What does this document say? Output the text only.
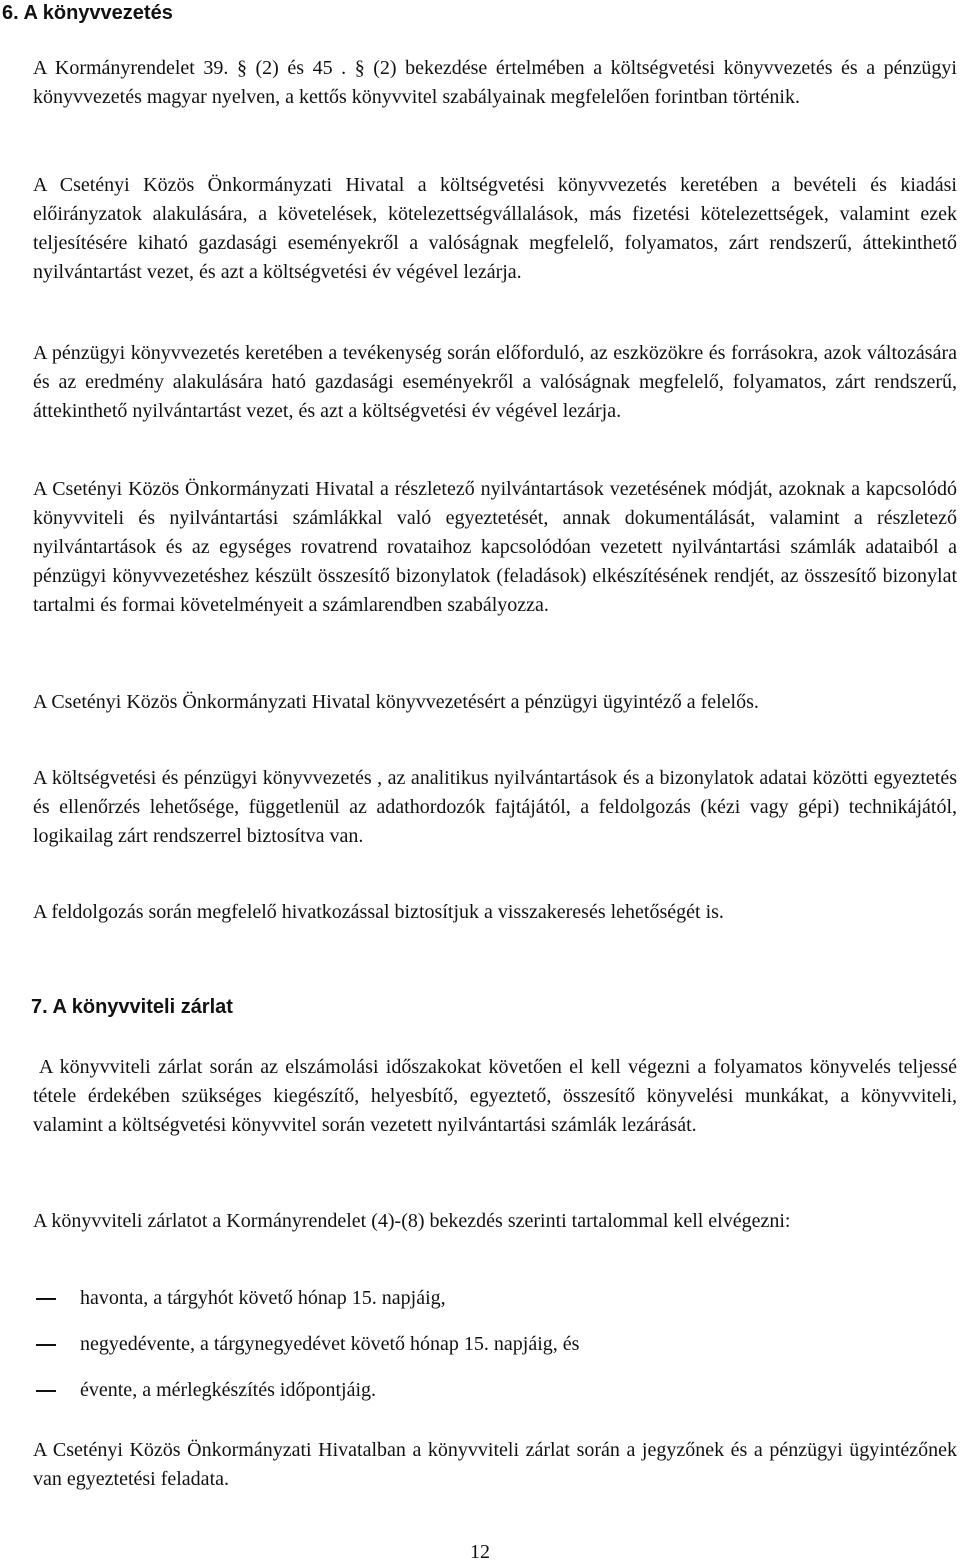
6. A könyvvezetés

A Kormányrendelet 39. § (2) és 45 . § (2) bekezdése értelmében a költségvetési könyvvezetés és a pénzügyi könyvvezetés magyar nyelven, a kettős könyvvitel szabályainak megfelelően forintban történik.

A Csetényi Közös Önkormányzati Hivatal a költségvetési könyvvezetés keretében a bevételi és kiadási előirányzatok alakulására, a követelések, kötelezettségvállalások, más fizetési kötelezettségek, valamint ezek teljesítésére kiható gazdasági eseményekről a valóságnak megfelelő, folyamatos, zárt rendszerű, áttekinthető nyilvántartást vezet, és azt a költségvetési év végével lezárja.

A pénzügyi könyvvezetés keretében a tevékenység során előforduló, az eszközökre és forrásokra, azok változására és az eredmény alakulására ható gazdasági eseményekről a valóságnak megfelelő, folyamatos, zárt rendszerű, áttekinthető nyilvántartást vezet, és azt a költségvetési év végével lezárja.

A Csetényi Közös Önkormányzati Hivatal a részletező nyilvántartások vezetésének módját, azoknak a kapcsolódó könyvviteli és nyilvántartási számlákkal való egyeztetését, annak dokumentálását, valamint a részletező nyilvántartások és az egységes rovatrend rovataihoz kapcsolódóan vezetett nyilvántartási számlák adataiból a pénzügyi könyvvezetéshez készült összesítő bizonylatok (feladások) elkészítésének rendjét, az összesítő bizonylat tartalmi és formai követelményeit a számlarendben szabályozza.

A Csetényi Közös Önkormányzati Hivatal könyvvezetésért a pénzügyi ügyintéző a felelős.

A költségvetési és pénzügyi könyvvezetés , az analitikus nyilvántartások és a bizonylatok adatai közötti egyeztetés és ellenőrzés lehetősége, függetlenül az adathordozók fajtájától, a feldolgozás (kézi vagy gépi) technikájától, logikailag zárt rendszerrel biztosítva van.

A feldolgozás során megfelelő hivatkozással biztosítjuk a visszakeresés lehetőségét is.

7. A könyvviteli zárlat

A könyvviteli zárlat során az elszámolási időszakokat követően el kell végezni a folyamatos könyvelés teljessé tétele érdekében szükséges kiegészítő, helyesbítő, egyeztető, összesítő könyvelési munkákat, a könyvviteli, valamint a költségvetési könyvvitel során vezetett nyilvántartási számlák lezárását.

A könyvviteli zárlatot a Kormányrendelet (4)-(8) bekezdés szerinti tartalommal kell elvégezni:

havonta, a tárgyhót követő hónap 15. napjáig,
negyedévente, a tárgynegyedévet követő hónap 15. napjáig, és
évente, a mérlegkészítés időpontjáig.

A Csetényi Közös Önkormányzati Hivatalban a könyvviteli zárlat során a jegyzőnek és a pénzügyi ügyintézőnek van egyeztetési feladata.

12
